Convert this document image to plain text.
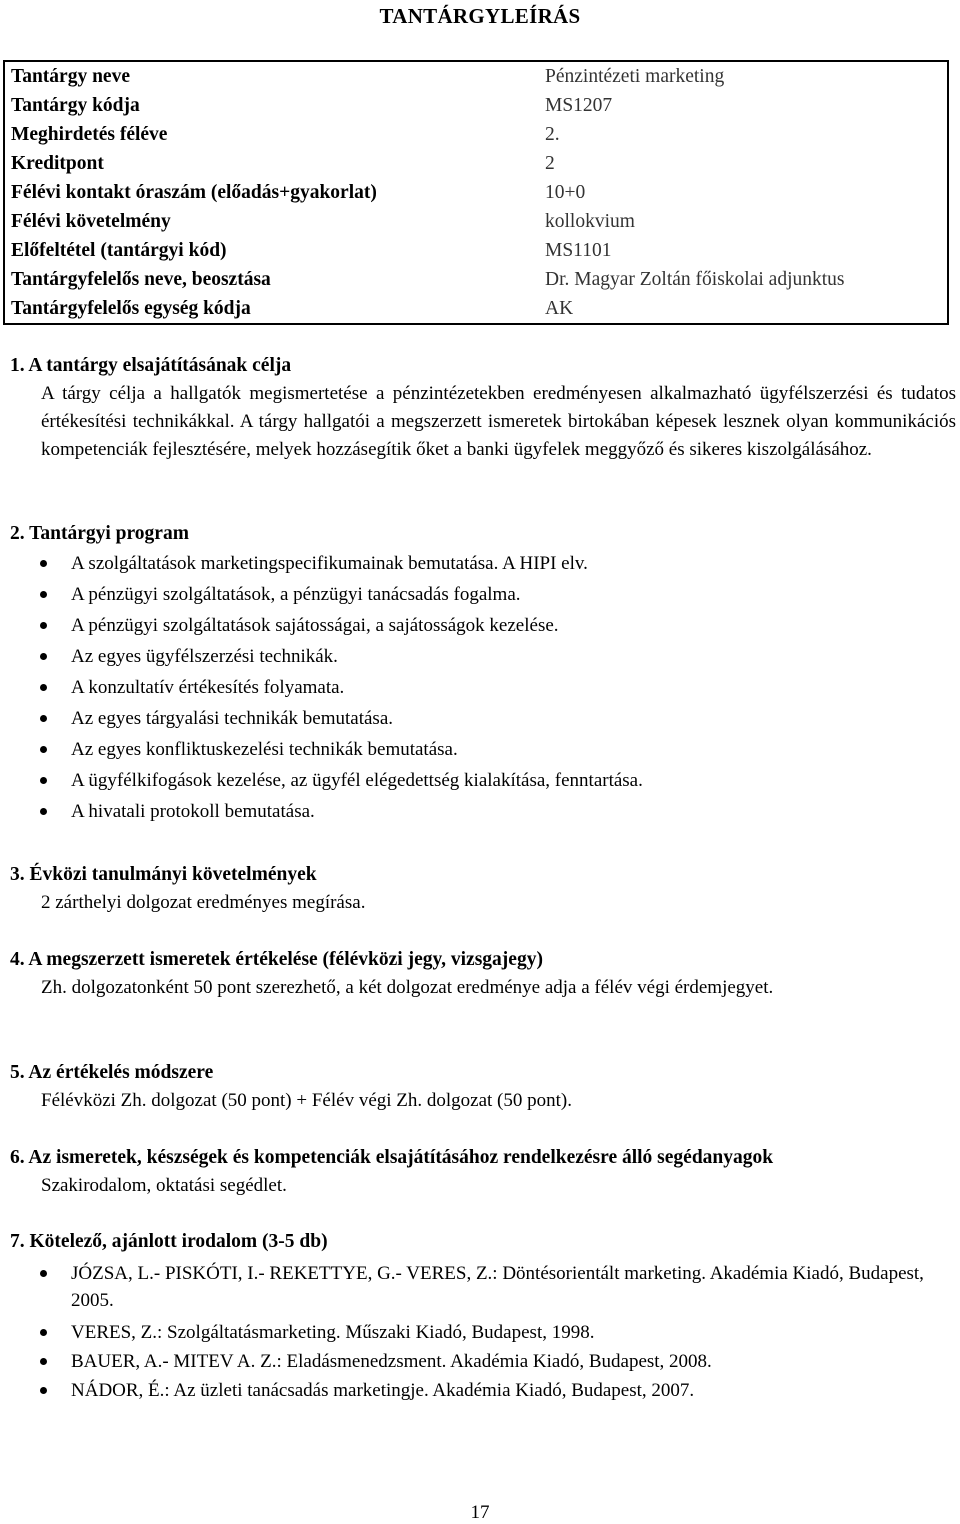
TANTÁRGYLEÍRÁS
Tantárgy neve	Pénzintézeti marketing
Tantárgy kódja	MS1207
Meghirdetés féléve	2.
Kreditpont	2
Félévi kontakt óraszám (előadás+gyakorlat)	10+0
Félévi követelmény	kollokvium
Előfeltétel (tantárgyi kód)	MS1101
Tantárgyfelelős neve, beosztása	Dr. Magyar Zoltán főiskolai adjunktus
Tantárgyfelelős egység kódja	AK
1. A tantárgy elsajátításának célja
A tárgy célja a hallgatók megismertetése a pénzintézetekben eredményesen alkalmazható ügyfélszerzési és tudatos értékesítési technikákkal. A tárgy hallgatói a megszerzett ismeretek birtokában képesek lesznek olyan kommunikációs kompetenciák fejlesztésére, melyek hozzásegítik őket a banki ügyfelek meggyőző és sikeres kiszolgálásához.
2. Tantárgyi program
A szolgáltatások marketingspecifikumainak bemutatása. A HIPI elv.
A pénzügyi szolgáltatások, a pénzügyi tanácsadás fogalma.
A pénzügyi szolgáltatások sajátosságai, a sajátosságok kezelése.
Az egyes ügyfélszerzési technikák.
A konzultatív értékesítés folyamata.
Az egyes tárgyalási technikák bemutatása.
Az egyes konfliktuskezelési technikák bemutatása.
A ügyfélkifogások kezelése, az ügyfél elégedettség kialakítása, fenntartása.
A hivatali protokoll bemutatása.
3. Évközi tanulmányi követelmények
2 zárthelyi dolgozat eredményes megírása.
4. A megszerzett ismeretek értékelése (félévközi jegy, vizsgajegy)
Zh. dolgozatonként 50 pont szerezhető, a két dolgozat eredménye adja a félév végi érdemjegyet.
5. Az értékelés módszere
Félévközi Zh. dolgozat (50 pont) + Félév végi Zh. dolgozat (50 pont).
6. Az ismeretek, készségek és kompetenciák elsajátításához rendelkezésre álló segédanyagok
Szakirodalom, oktatási segédlet.
7. Kötelező, ajánlott irodalom (3-5 db)
JÓZSA, L.- PISKÓTI, I.- REKETTYE, G.- VERES, Z.: Döntésorientált marketing. Akadémia Kiadó, Budapest, 2005.
VERES, Z.: Szolgáltatásmarketing. Műszaki Kiadó, Budapest, 1998.
BAUER, A.- MITEV A. Z.: Eladásmenedzsment. Akadémia Kiadó, Budapest, 2008.
NÁDOR, É.: Az üzleti tanácsadás marketingje. Akadémia Kiadó, Budapest, 2007.
17
